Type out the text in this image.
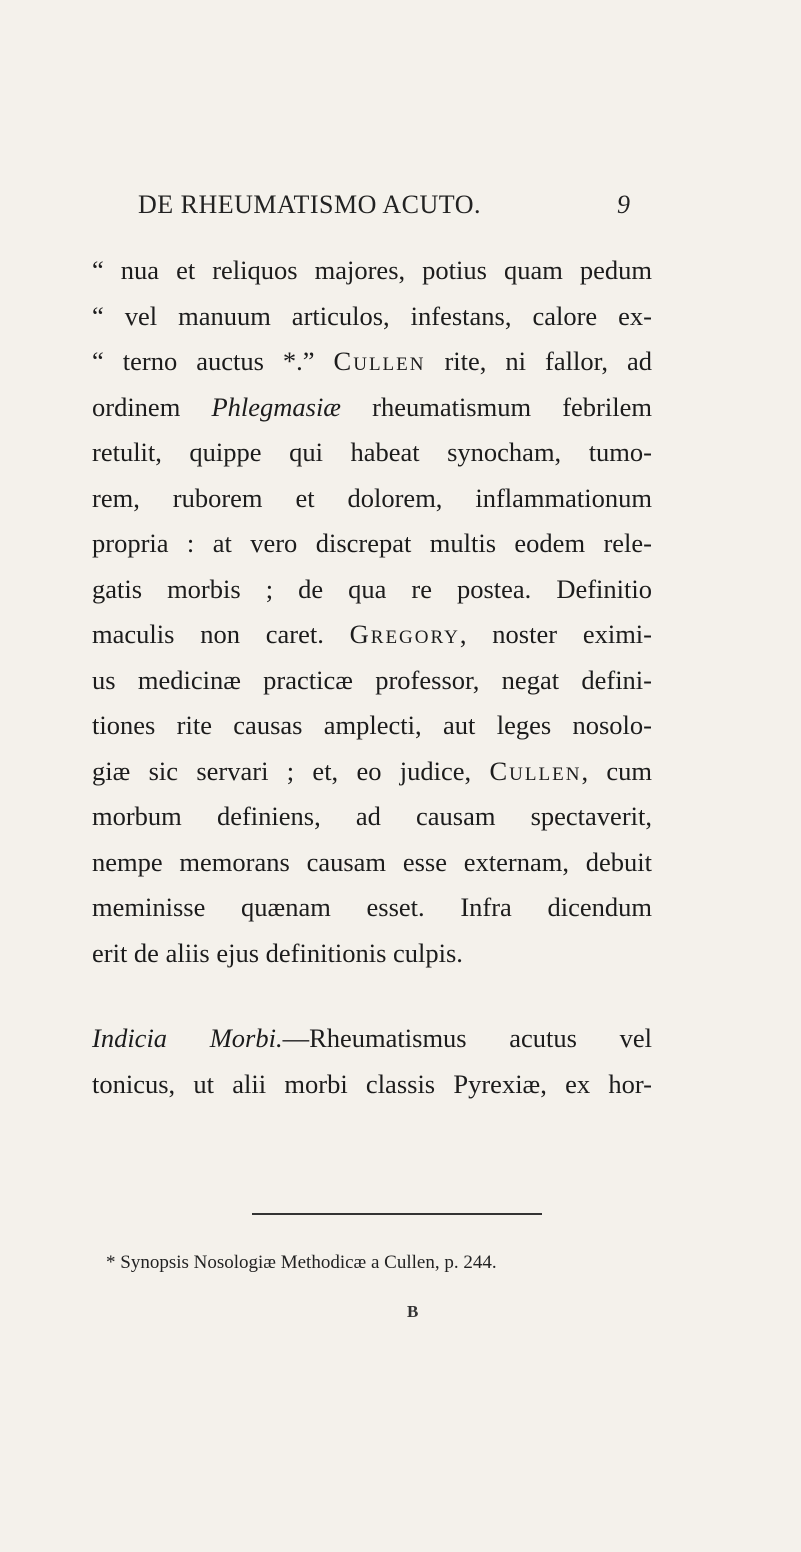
DE RHEUMATISMO ACUTO.	9
“ nua et reliquos majores, potius quam pedum
“ vel manuum articulos, infestans, calore ex-
“ terno auctus *.” Cullen rite, ni fallor, ad
ordinem Phlegmasiæ rheumatismum febrilem
retulit, quippe qui habeat synocham, tumo-
rem, ruborem et dolorem, inflammationum
propria : at vero discrepat multis eodem rele-
gatis morbis ; de qua re postea. Definitio
maculis non caret. Gregory, noster eximi-
us medicinæ practicæ professor, negat defini-
tiones rite causas amplecti, aut leges nosolo-
giæ sic servari ; et, eo judice, Cullen, cum
morbum definiens, ad causam spectaverit,
nempe memorans causam esse externam, debuit
meminisse quænam esset. Infra dicendum
erit de aliis ejus definitionis culpis.
Indicia Morbi.—Rheumatismus acutus vel
tonicus, ut alii morbi classis Pyrexiæ, ex hor-
* Synopsis Nosologiæ Methodicæ a Cullen, p. 244.
B
